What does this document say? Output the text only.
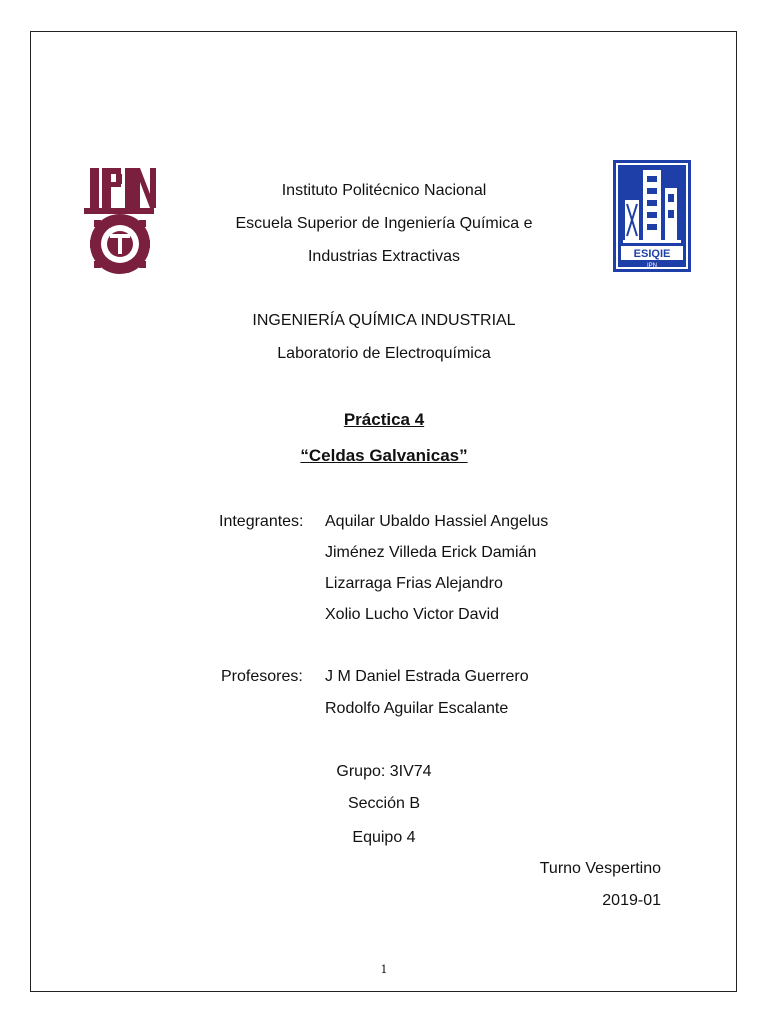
ESIQIE
IPN
Instituto Politécnico Nacional
Escuela Superior de Ingeniería Química e
Industrias Extractivas
INGENIERÍA QUÍMICA INDUSTRIAL
Laboratorio de Electroquímica
Práctica 4
“Celdas Galvanicas”
Integrantes: Aquilar Ubaldo Hassiel Angelus
Jiménez Villeda Erick Damián
Lizarraga Frias Alejandro
Xolio Lucho Victor David
Profesores: J M Daniel Estrada Guerrero
Rodolfo Aguilar Escalante
Grupo: 3IV74
Sección B
Equipo 4
Turno Vespertino
2019-01
1
